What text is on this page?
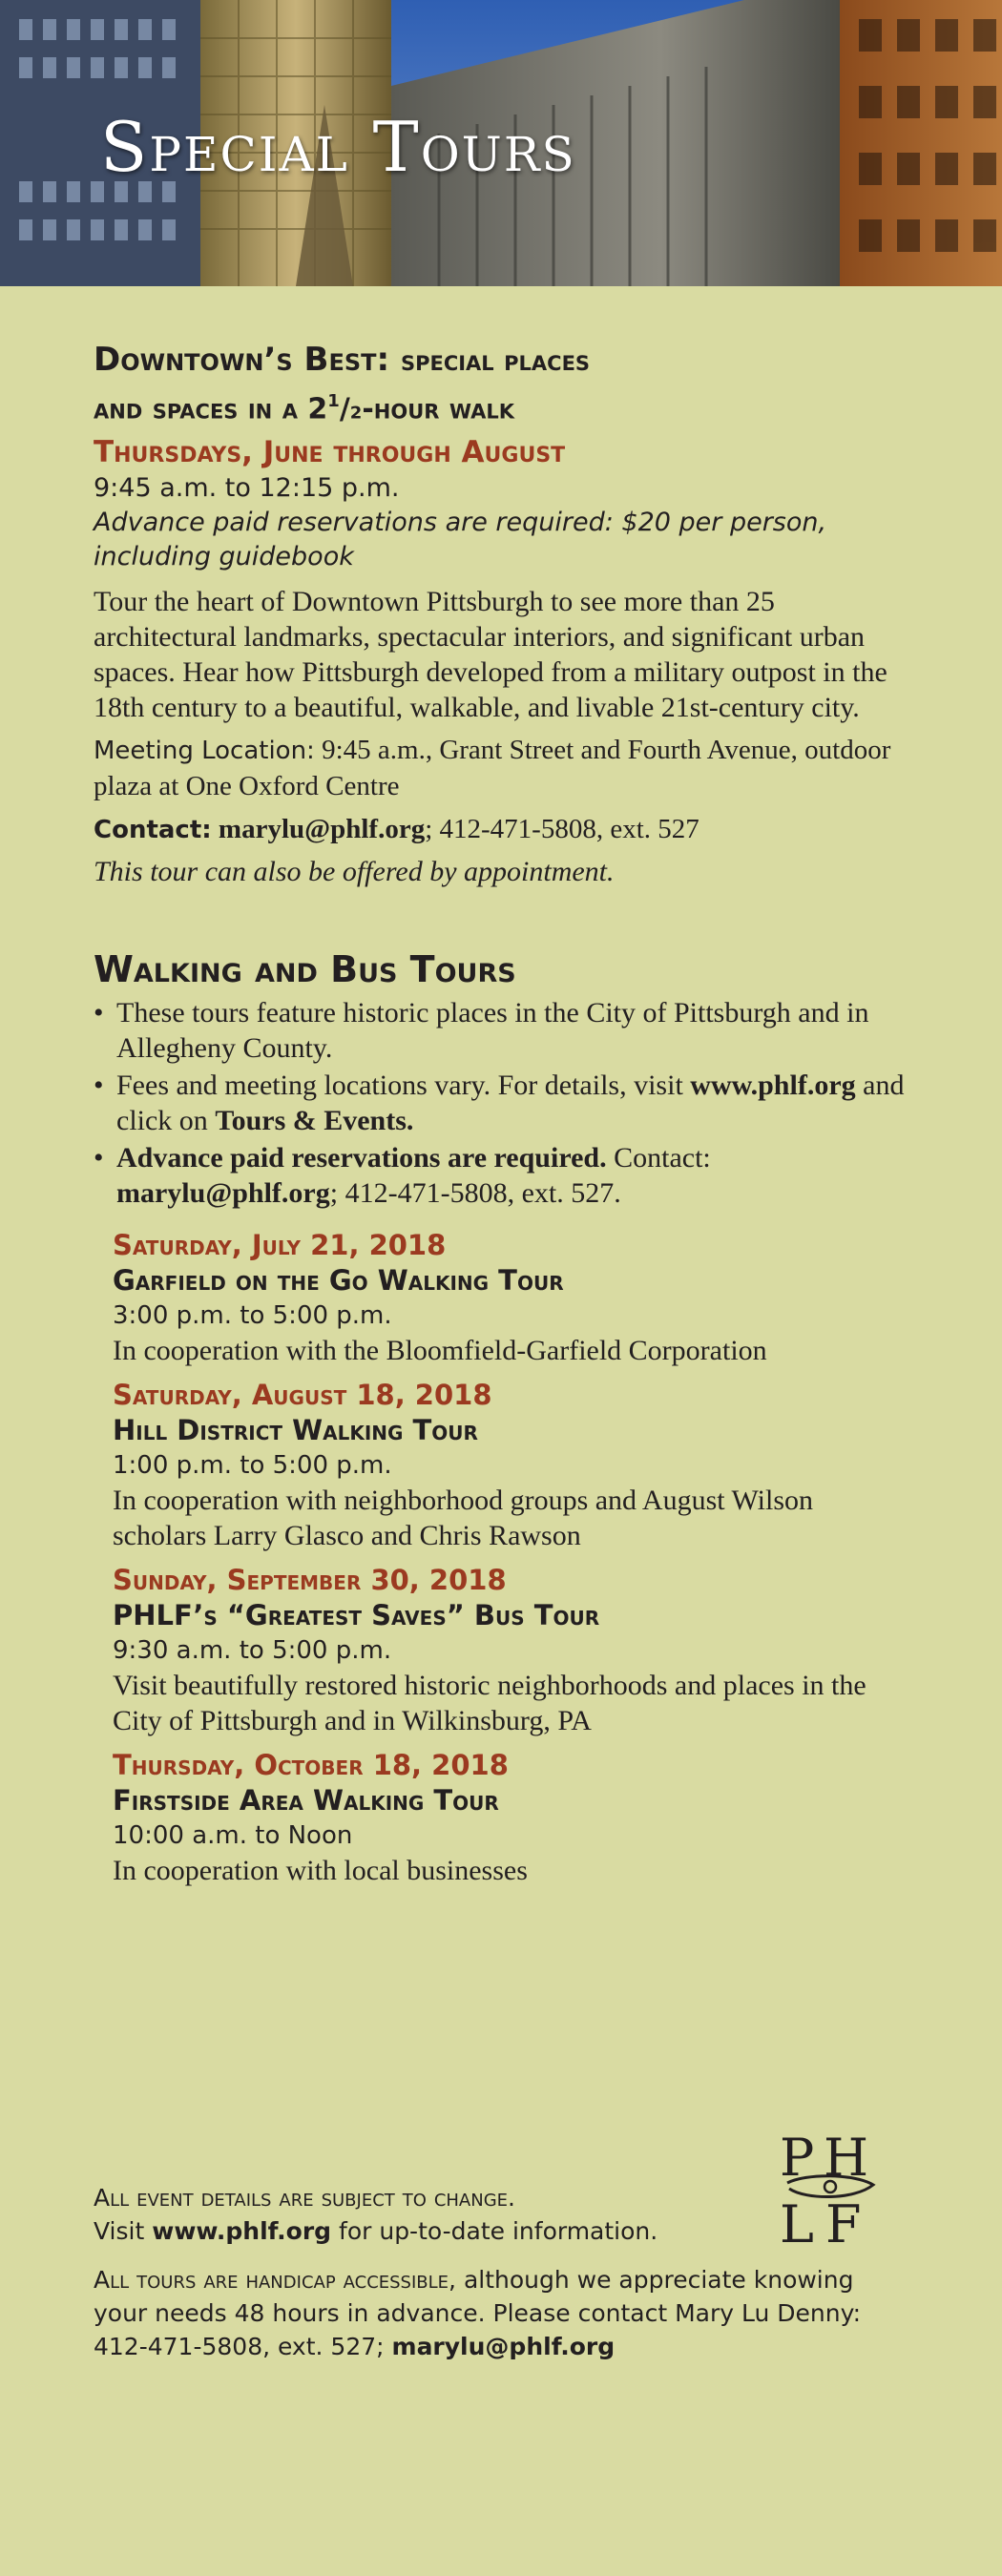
Special Tours

Downtown’s Best: special places
and spaces in a $2^1/2$-hour walk

Thursdays, June through August

9:45 a.m. to 12:15 p.m.

Advance paid reservations are required: $20 per person, including guidebook

Tour the heart of Downtown Pittsburgh to see more than 25 architectural landmarks, spectacular interiors, and significant urban spaces. Hear how Pittsburgh developed from a military outpost in the 18th century to a beautiful, walkable, and livable 21st-century city.

Meeting Location: 9:45 a.m., Grant Street and Fourth Avenue, outdoor plaza at One Oxford Centre

Contact: marylu@phlf.org; 412-471-5808, ext. 527

This tour can also be offered by appointment.

Walking and Bus Tours

• These tours feature historic places in the City of Pittsburgh and in Allegheny County.
• Fees and meeting locations vary. For details, visit www.phlf.org and click on Tours & Events.
• Advance paid reservations are required. Contact: marylu@phlf.org; 412-471-5808, ext. 527.

Saturday, July 21, 2018

Garfield on the Go Walking Tour

3:00 p.m. to 5:00 p.m.

In cooperation with the Bloomfield-Garfield Corporation

Saturday, August 18, 2018

Hill District Walking Tour

1:00 p.m. to 5:00 p.m.

In cooperation with neighborhood groups and August Wilson scholars Larry Glasco and Chris Rawson

Sunday, September 30, 2018

PHLF’s “Greatest Saves” Bus Tour

9:30 a.m. to 5:00 p.m.

Visit beautifully restored historic neighborhoods and places in the City of Pittsburgh and in Wilkinsburg, PA

Thursday, October 18, 2018

Firstside Area Walking Tour

10:00 a.m. to Noon

In cooperation with local businesses

All event details are subject to change.

Visit www.phlf.org for up-to-date information.

All tours are handicap accessible, although we appreciate knowing your needs 48 hours in advance. Please contact Mary Lu Denny: 412-471-5808, ext. 527; marylu@phlf.org

P H
L F
